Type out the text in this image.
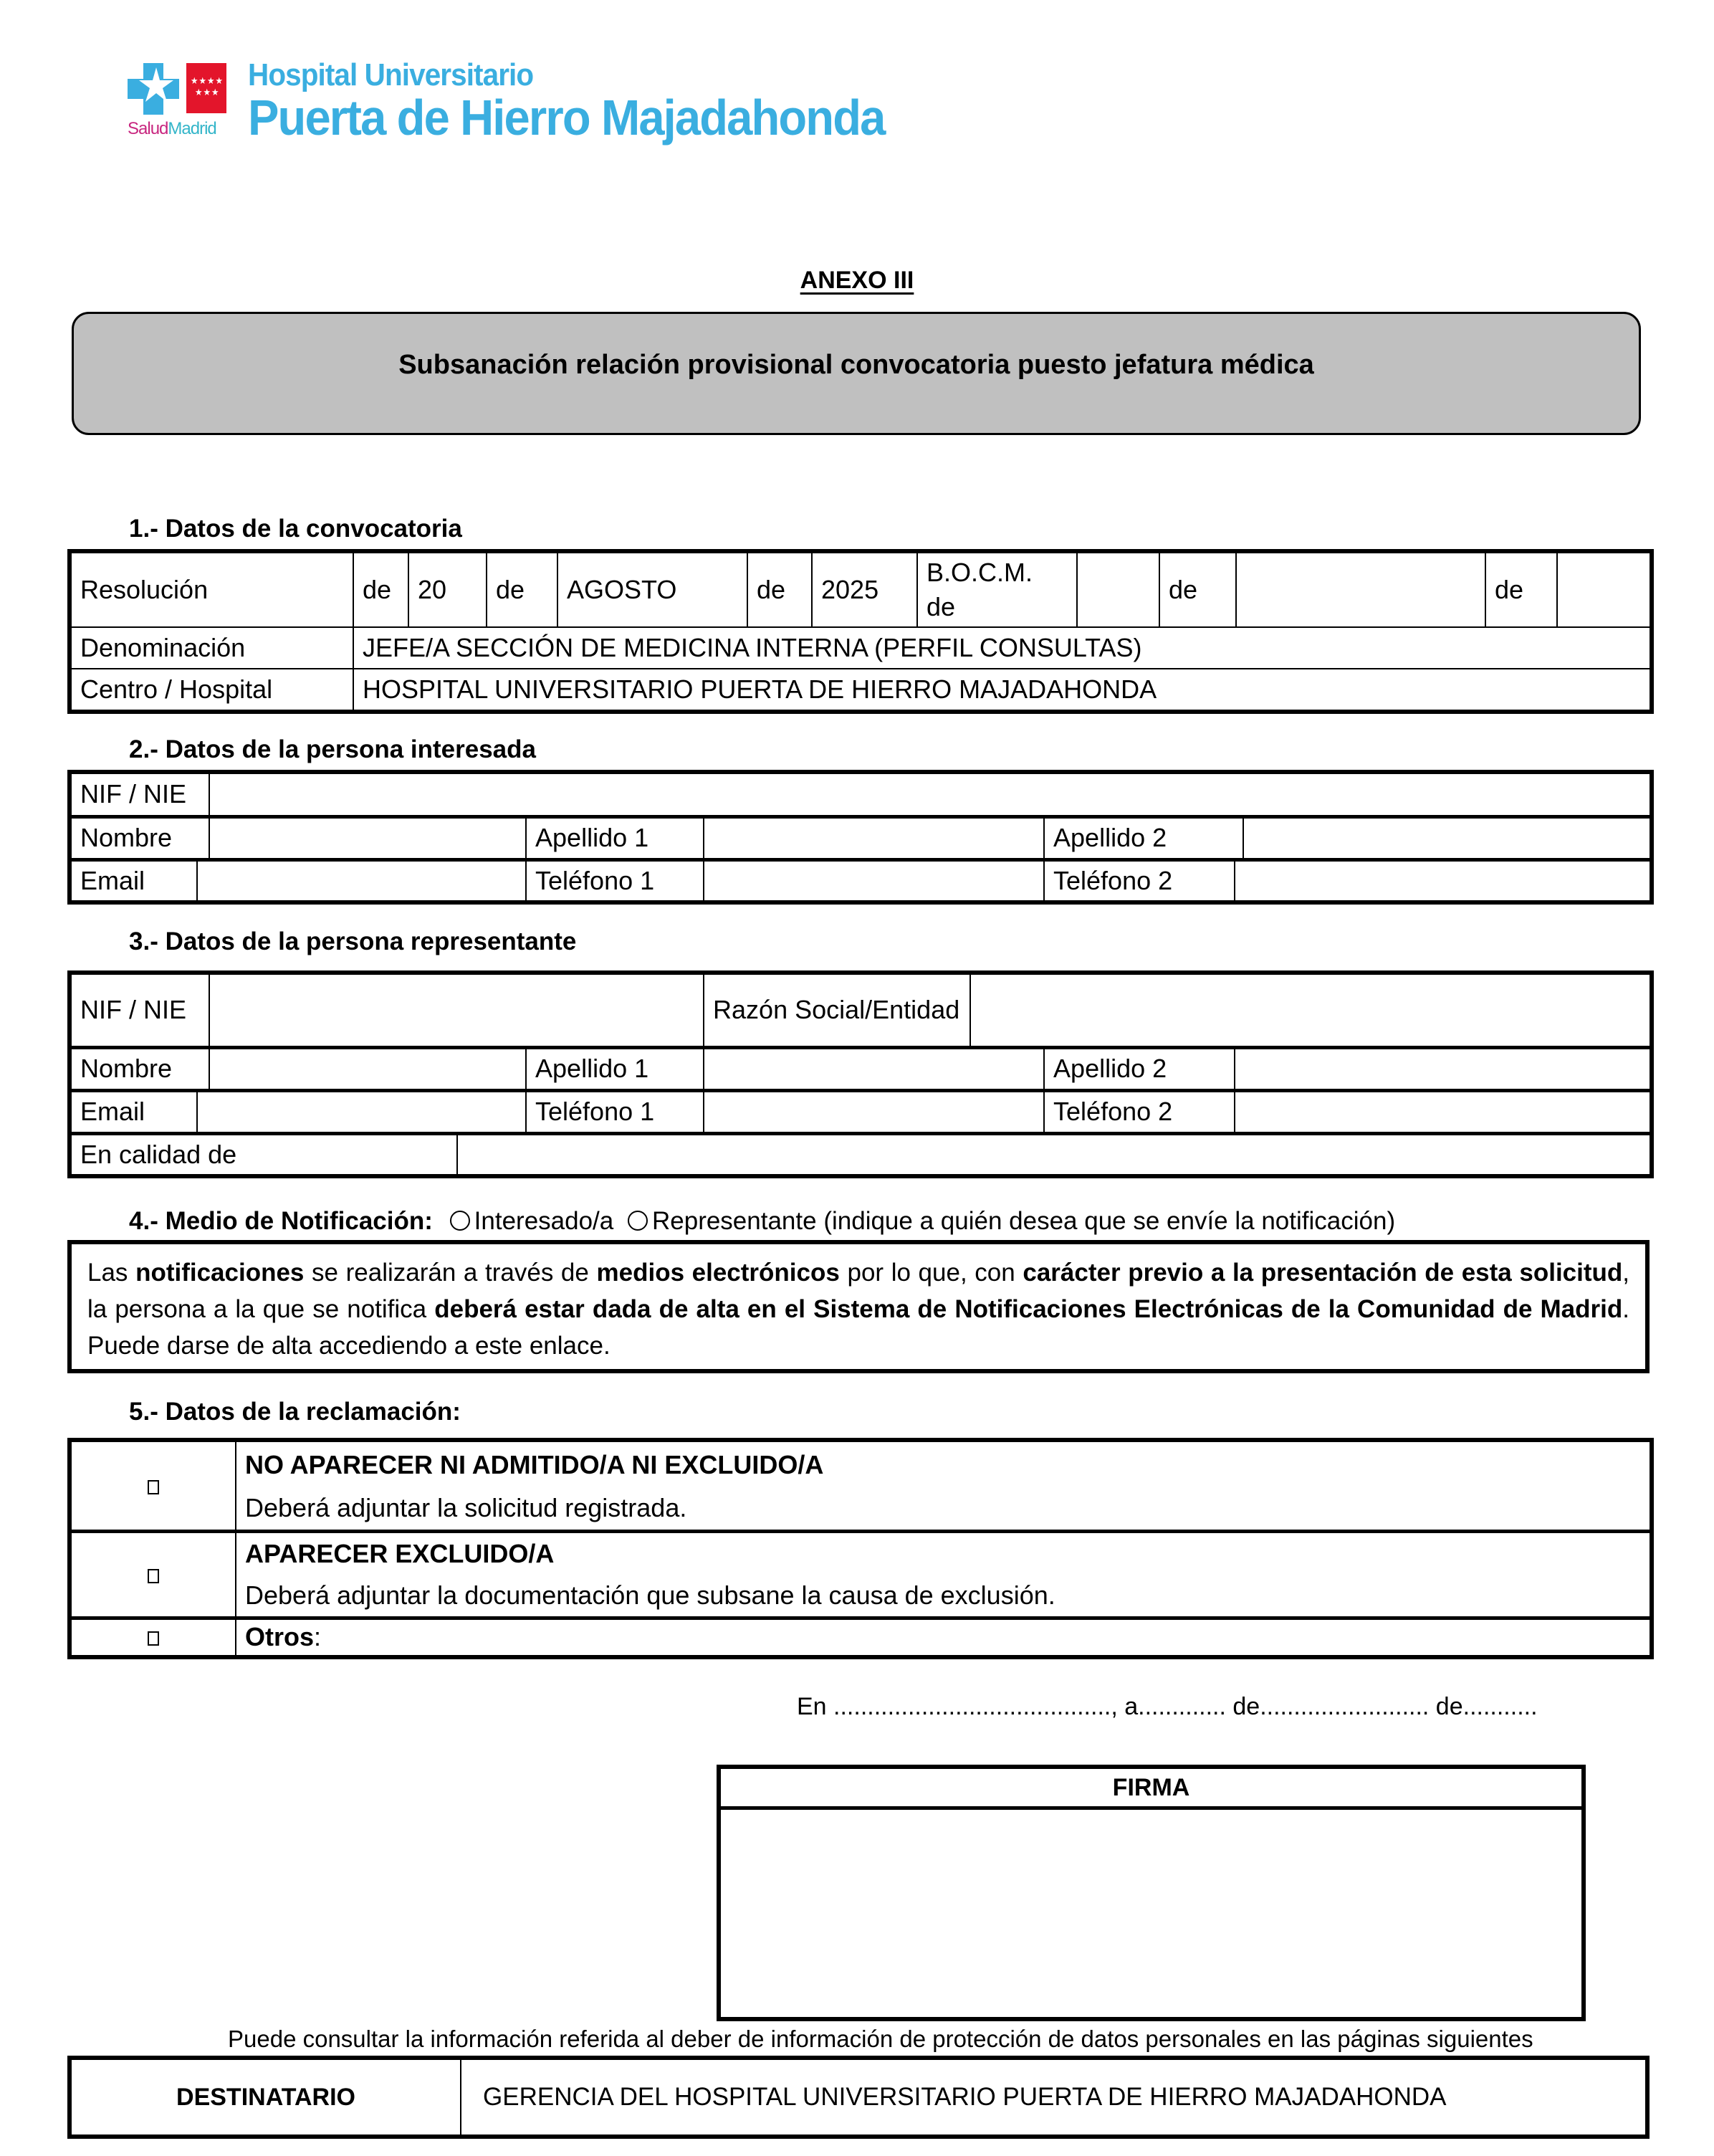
★★★★
★★★
SaludMadrid
Hospital Universitario
Puerta de Hierro Majadahonda
ANEXO III
Subsanación relación provisional convocatoria puesto jefatura médica
1.- Datos de la convocatoria
Resolución	de	20	de	AGOSTO	de	2025	B.O.C.M. de		de		de	
Denominación	JEFE/A SECCIÓN DE MEDICINA INTERNA (PERFIL CONSULTAS)											
Centro / Hospital	HOSPITAL UNIVERSITARIO PUERTA DE HIERRO MAJADAHONDA											
2.- Datos de la persona interesada
NIF / NIE	
Nombre			Apellido 1		Apellido 2	
Email			Teléfono 1		Teléfono 2	
3.- Datos de la persona representante
NIF / NIE					Razón Social/Entidad	
Nombre				Apellido 1			Apellido 2	
Email				Teléfono 1			Teléfono 2	
En calidad de	
4.- Medio de Notificación: Interesado/a Representante (indique a quién desea que se envíe la notificación)
Las notificaciones se realizarán a través de medios electrónicos por lo que, con carácter previo a la presentación de esta solicitud, la persona a la que se notifica deberá estar dada de alta en el Sistema de Notificaciones Electrónicas de la Comunidad de Madrid. Puede darse de alta accediendo a este enlace.
5.- Datos de la reclamación:
	NO APARECER NI ADMITIDO/A NI EXCLUIDO/A
Deberá adjuntar la solicitud registrada.
	APARECER EXCLUIDO/A
Deberá adjuntar la documentación que subsane la causa de exclusión.
	Otros:
En ........................................., a............. de......................... de...........
FIRMA
Puede consultar la información referida al deber de información de protección de datos personales en las páginas siguientes
DESTINATARIO	GERENCIA DEL HOSPITAL UNIVERSITARIO PUERTA DE HIERRO MAJADAHONDA
